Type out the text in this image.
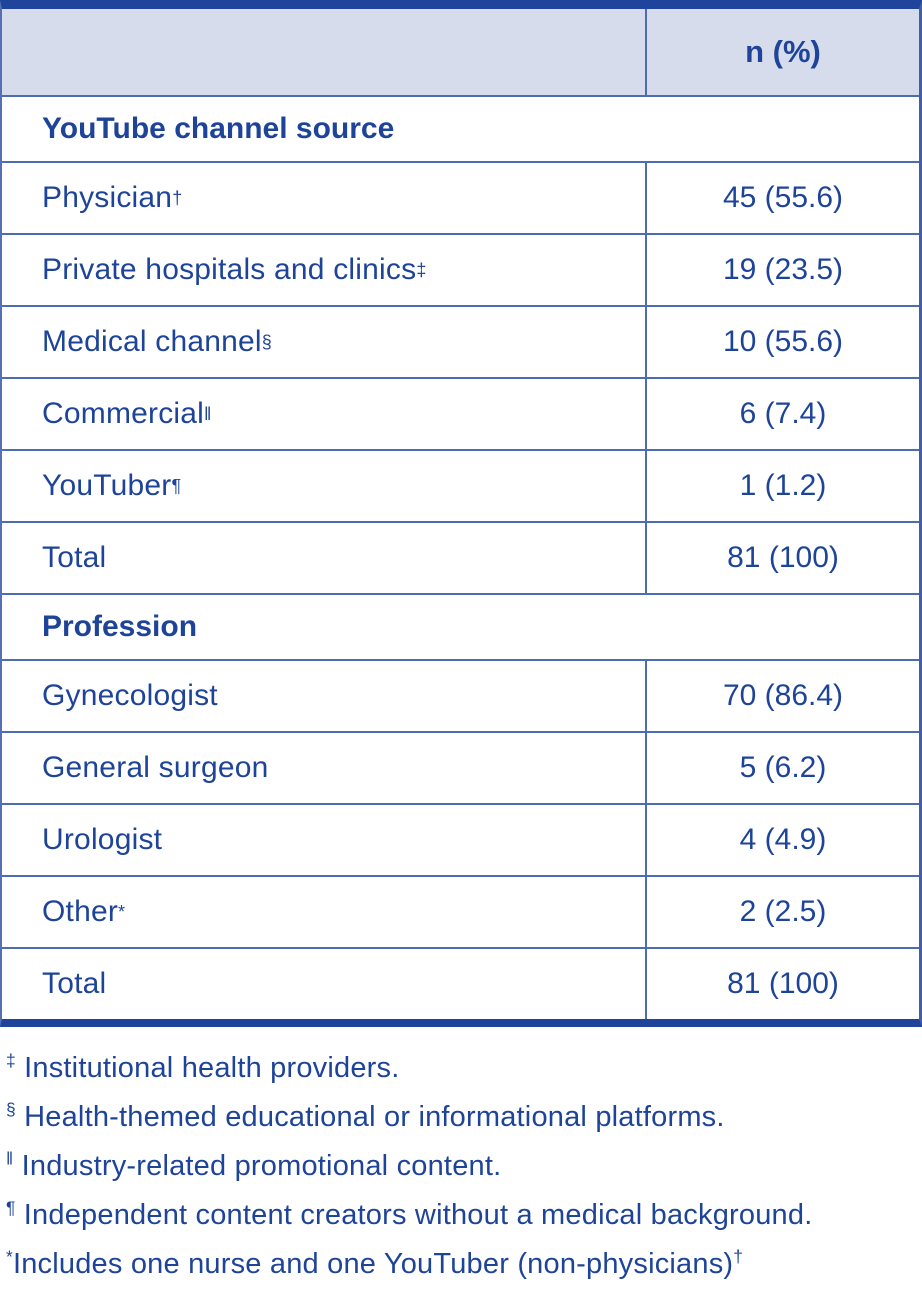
n (%)
YouTube channel source
Physician †	45 (55.6)
Private hospitals and clinics ‡	19 (23.5)
Medical channel §	10 (55.6)
Commercial ‖	6 (7.4)
YouTuber ¶	1 (1.2)
Total	81 (100)
Profession
Gynecologist	70 (86.4)
General surgeon	5 (6.2)
Urologist	4 (4.9)
Other *	2 (2.5)
Total	81 (100)

‡ Institutional health providers.

§ Health-themed educational or informational platforms.

‖ Industry-related promotional content.

¶ Independent content creators without a medical background.

*Includes one nurse and one YouTuber (non-physicians)†
